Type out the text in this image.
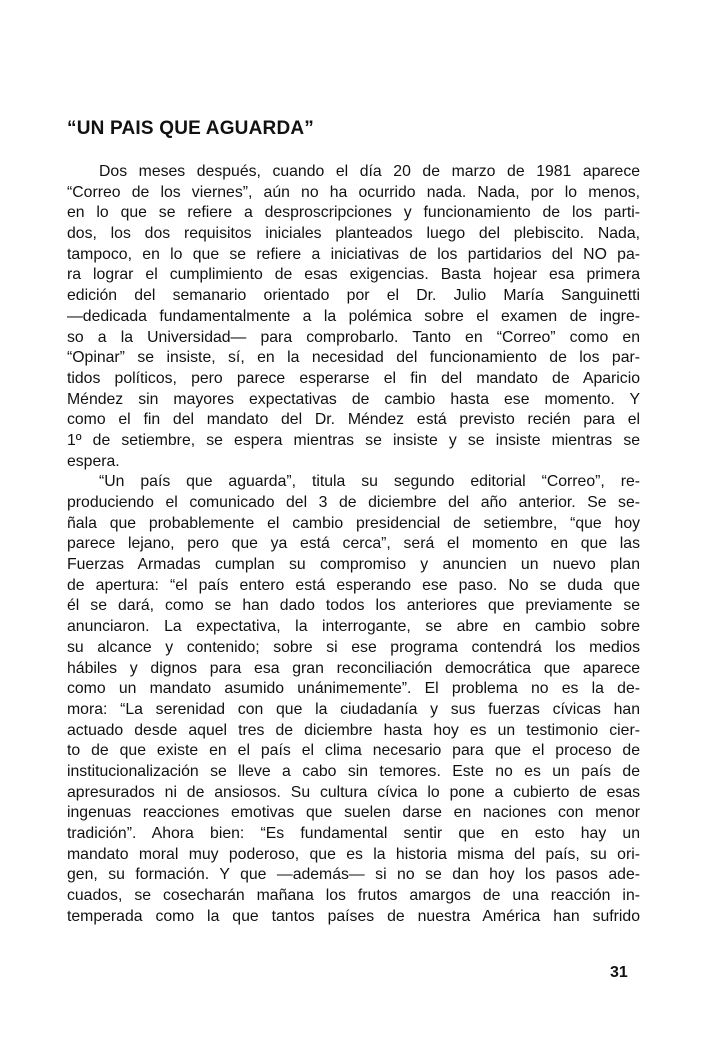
“UN PAIS QUE AGUARDA”
Dos meses después, cuando el día 20 de marzo de 1981 aparece
“Correo de los viernes”, aún no ha ocurrido nada. Nada, por lo menos,
en lo que se refiere a desproscripciones y funcionamiento de los parti-
dos, los dos requisitos iniciales planteados luego del plebiscito. Nada,
tampoco, en lo que se refiere a iniciativas de los partidarios del NO pa-
ra lograr el cumplimiento de esas exigencias. Basta hojear esa primera
edición del semanario orientado por el Dr. Julio María Sanguinetti
—dedicada fundamentalmente a la polémica sobre el examen de ingre-
so a la Universidad— para comprobarlo. Tanto en “Correo” como en
“Opinar” se insiste, sí, en la necesidad del funcionamiento de los par-
tidos políticos, pero parece esperarse el fin del mandato de Aparicio
Méndez sin mayores expectativas de cambio hasta ese momento. Y
como el fin del mandato del Dr. Méndez está previsto recién para el
1º de setiembre, se espera mientras se insiste y se insiste mientras se
espera.
“Un país que aguarda”, titula su segundo editorial “Correo”, re-
produciendo el comunicado del 3 de diciembre del año anterior. Se se-
ñala que probablemente el cambio presidencial de setiembre, “que hoy
parece lejano, pero que ya está cerca”, será el momento en que las
Fuerzas Armadas cumplan su compromiso y anuncien un nuevo plan
de apertura: “el país entero está esperando ese paso. No se duda que
él se dará, como se han dado todos los anteriores que previamente se
anunciaron. La expectativa, la interrogante, se abre en cambio sobre
su alcance y contenido; sobre si ese programa contendrá los medios
hábiles y dignos para esa gran reconciliación democrática que aparece
como un mandato asumido unánimemente”. El problema no es la de-
mora: “La serenidad con que la ciudadanía y sus fuerzas cívicas han
actuado desde aquel tres de diciembre hasta hoy es un testimonio cier-
to de que existe en el país el clima necesario para que el proceso de
institucionalización se lleve a cabo sin temores. Este no es un país de
apresurados ni de ansiosos. Su cultura cívica lo pone a cubierto de esas
ingenuas reacciones emotivas que suelen darse en naciones con menor
tradición”. Ahora bien: “Es fundamental sentir que en esto hay un
mandato moral muy poderoso, que es la historia misma del país, su ori-
gen, su formación. Y que —además— si no se dan hoy los pasos ade-
cuados, se cosecharán mañana los frutos amargos de una reacción in-
temperada como la que tantos países de nuestra América han sufrido
31
